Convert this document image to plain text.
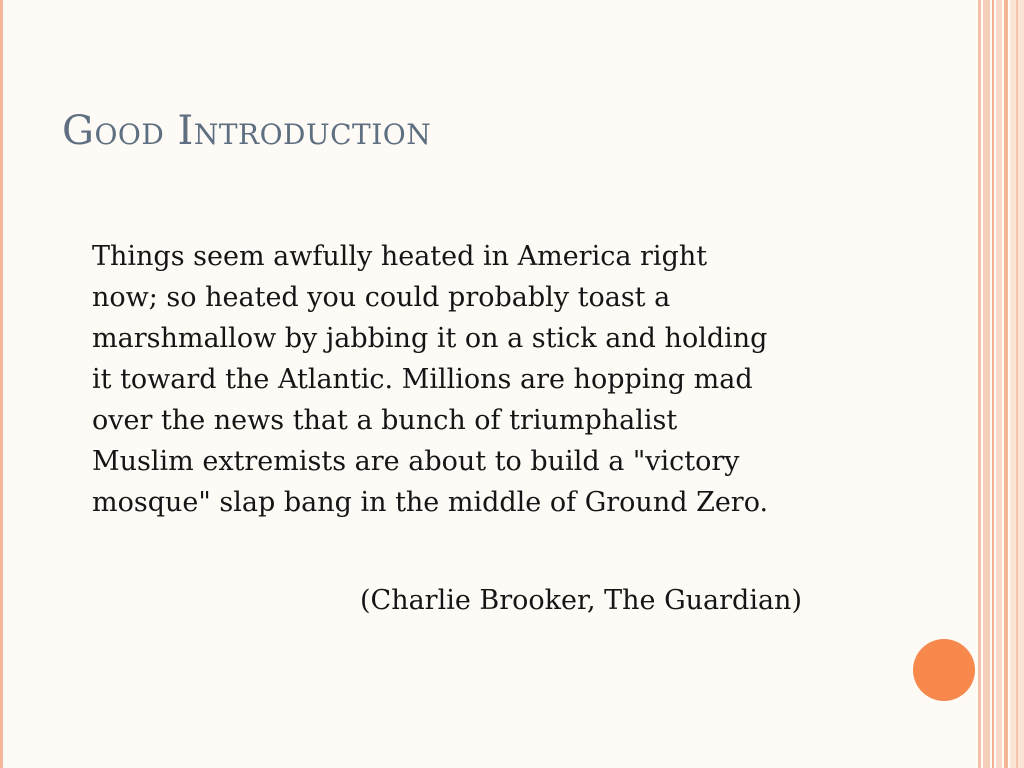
Good Introduction
Things seem awfully heated in America right
now; so heated you could probably toast a
marshmallow by jabbing it on a stick and holding
it toward the Atlantic. Millions are hopping mad
over the news that a bunch of triumphalist
Muslim extremists are about to build a "victory
mosque" slap bang in the middle of Ground Zero.

(Charlie Brooker, The Guardian)
